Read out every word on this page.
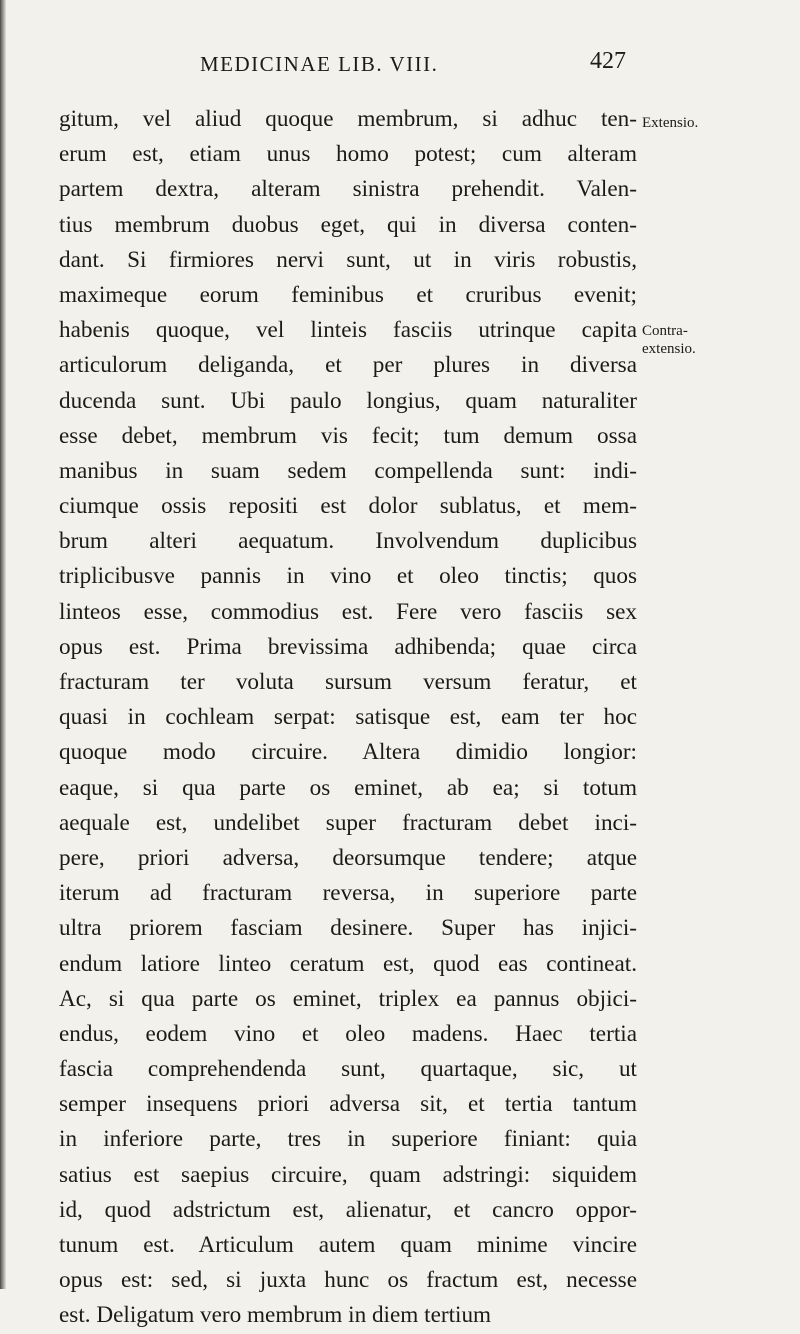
MEDICINAE LIB. VIII.	427
gitum, vel aliud quoque membrum, si adhuc ten-
erum est, etiam unus homo potest; cum alteram
partem dextra, alteram sinistra prehendit. Valen-
tius membrum duobus eget, qui in diversa conten-
dant. Si firmiores nervi sunt, ut in viris robustis,
maximeque eorum feminibus et cruribus evenit;
habenis quoque, vel linteis fasciis utrinque capita
articulorum deliganda, et per plures in diversa
ducenda sunt. Ubi paulo longius, quam naturaliter
esse debet, membrum vis fecit; tum demum ossa
manibus in suam sedem compellenda sunt: indi-
ciumque ossis repositi est dolor sublatus, et mem-
brum alteri aequatum. Involvendum duplicibus
triplicibusve pannis in vino et oleo tinctis; quos
linteos esse, commodius est. Fere vero fasciis sex
opus est. Prima brevissima adhibenda; quae circa
fracturam ter voluta sursum versum feratur, et
quasi in cochleam serpat: satisque est, eam ter hoc
quoque modo circuire. Altera dimidio longior:
eaque, si qua parte os eminet, ab ea; si totum
aequale est, undelibet super fracturam debet inci-
pere, priori adversa, deorsumque tendere; atque
iterum ad fracturam reversa, in superiore parte
ultra priorem fasciam desinere. Super has injici-
endum latiore linteo ceratum est, quod eas contineat.
Ac, si qua parte os eminet, triplex ea pannus objici-
endus, eodem vino et oleo madens. Haec tertia
fascia comprehendenda sunt, quartaque, sic, ut
semper insequens priori adversa sit, et tertia tantum
in inferiore parte, tres in superiore finiant: quia
satius est saepius circuire, quam adstringi: siquidem
id, quod adstrictum est, alienatur, et cancro oppor-
tunum est. Articulum autem quam minime vincire
opus est: sed, si juxta hunc os fractum est, necesse
est. Deligatum vero membrum in diem tertium
Extensio.
Contra-
extensio.
